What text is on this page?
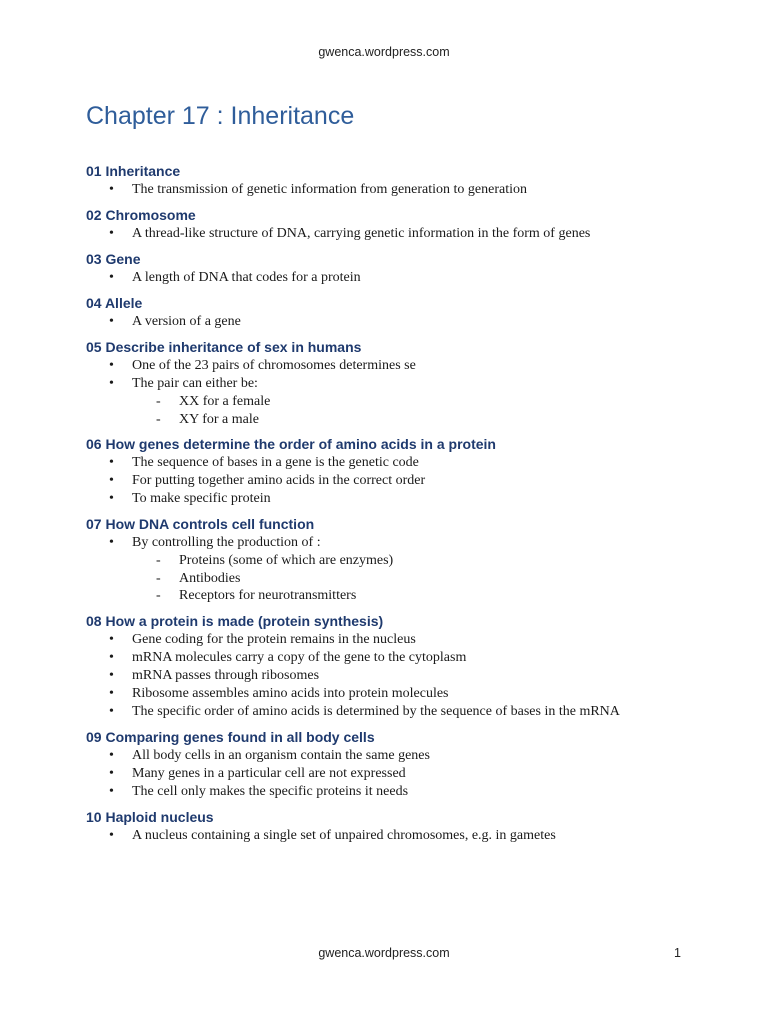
gwenca.wordpress.com
Chapter 17 : Inheritance
01 Inheritance
• The transmission of genetic information from generation to generation
02 Chromosome
• A thread-like structure of DNA, carrying genetic information in the form of genes
03 Gene
• A length of DNA that codes for a protein
04 Allele
• A version of a gene
05 Describe inheritance of sex in humans
• One of the 23 pairs of chromosomes determines se
• The pair can either be:
- XX for a female
- XY for a male
06 How genes determine the order of amino acids in a protein
• The sequence of bases in a gene is the genetic code
• For putting together amino acids in the correct order
• To make specific protein
07 How DNA controls cell function
• By controlling the production of :
- Proteins (some of which are enzymes)
- Antibodies
- Receptors for neurotransmitters
08 How a protein is made (protein synthesis)
• Gene coding for the protein remains in the nucleus
• mRNA molecules carry a copy of the gene to the cytoplasm
• mRNA passes through ribosomes
• Ribosome assembles amino acids into protein molecules
• The specific order of amino acids is determined by the sequence of bases in the mRNA
09 Comparing genes found in all body cells
• All body cells in an organism contain the same genes
• Many genes in a particular cell are not expressed
• The cell only makes the specific proteins it needs
10 Haploid nucleus
• A nucleus containing a single set of unpaired chromosomes, e.g. in gametes
gwenca.wordpress.com	1
